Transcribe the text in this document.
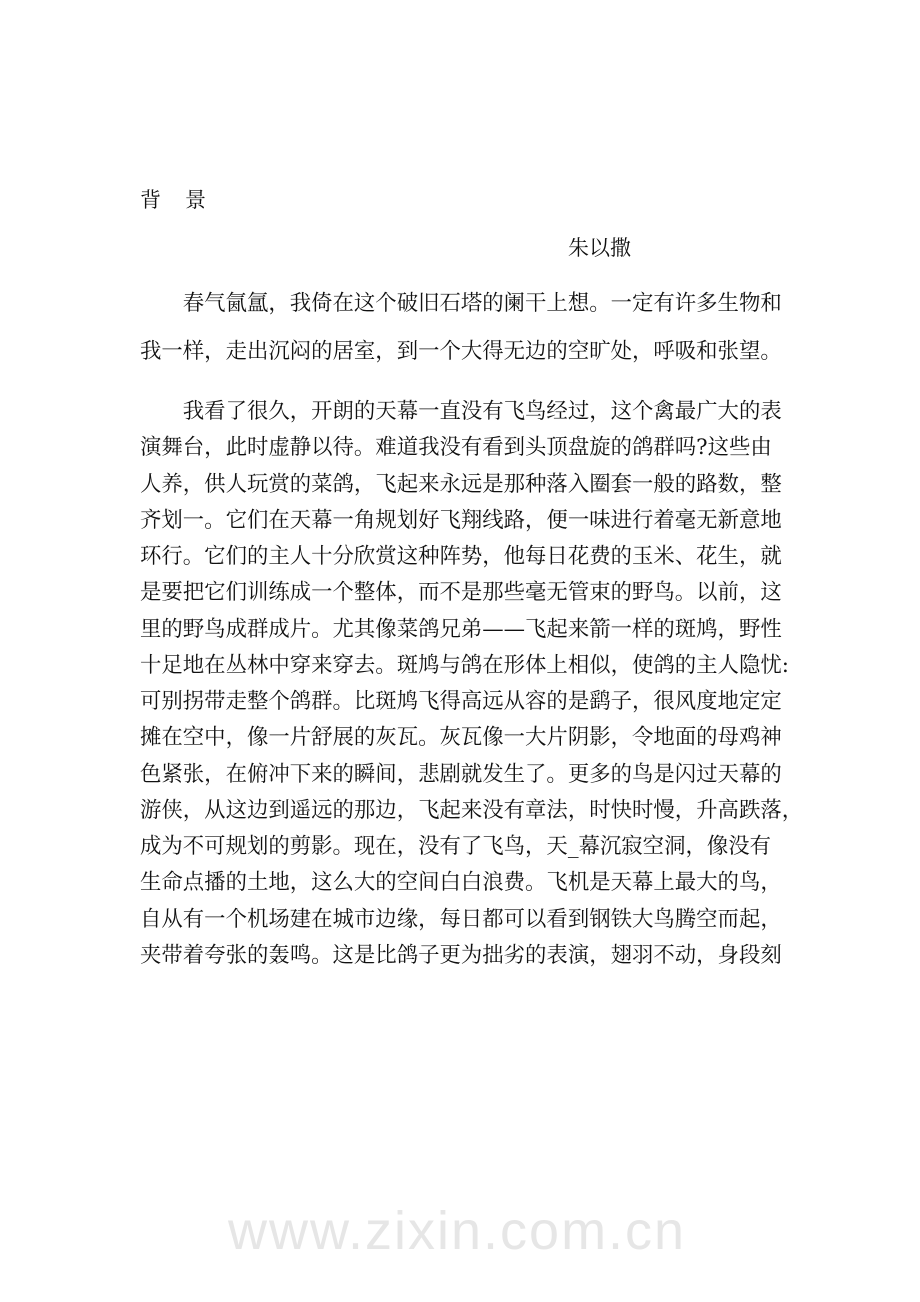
www.zixin.com.cn
背景
朱以撒
　　春气氤氲，我倚在这个破旧石塔的阑干上想。一定有许多生物和
我一样，走出沉闷的居室，到一个大得无边的空旷处，呼吸和张望。
　　我看了很久，开朗的天幕一直没有飞鸟经过，这个禽最广大的表
演舞台，此时虚静以待。难道我没有看到头顶盘旋的鸽群吗?这些由
人养，供人玩赏的菜鸽，飞起来永远是那种落入圈套一般的路数，整
齐划一。它们在天幕一角规划好飞翔线路，便一味进行着毫无新意地
环行。它们的主人十分欣赏这种阵势，他每日花费的玉米、花生，就
是要把它们训练成一个整体，而不是那些毫无管束的野鸟。以前，这
里的野鸟成群成片。尤其像菜鸽兄弟——飞起来箭一样的斑鸠，野性
十足地在丛林中穿来穿去。斑鸠与鸽在形体上相似，使鸽的主人隐忧:
可别拐带走整个鸽群。比斑鸠飞得高远从容的是鹞子，很风度地定定
摊在空中，像一片舒展的灰瓦。灰瓦像一大片阴影，令地面的母鸡神
色紧张，在俯冲下来的瞬间，悲剧就发生了。更多的鸟是闪过天幕的
游侠，从这边到遥远的那边，飞起来没有章法，时快时慢，升高跌落，
成为不可规划的剪影。现在，没有了飞鸟，天_幕沉寂空洞，像没有
生命点播的土地，这么大的空间白白浪费。飞机是天幕上最大的鸟，
自从有一个机场建在城市边缘，每日都可以看到钢铁大鸟腾空而起，
夹带着夸张的轰鸣。这是比鸽子更为拙劣的表演，翅羽不动，身段刻
